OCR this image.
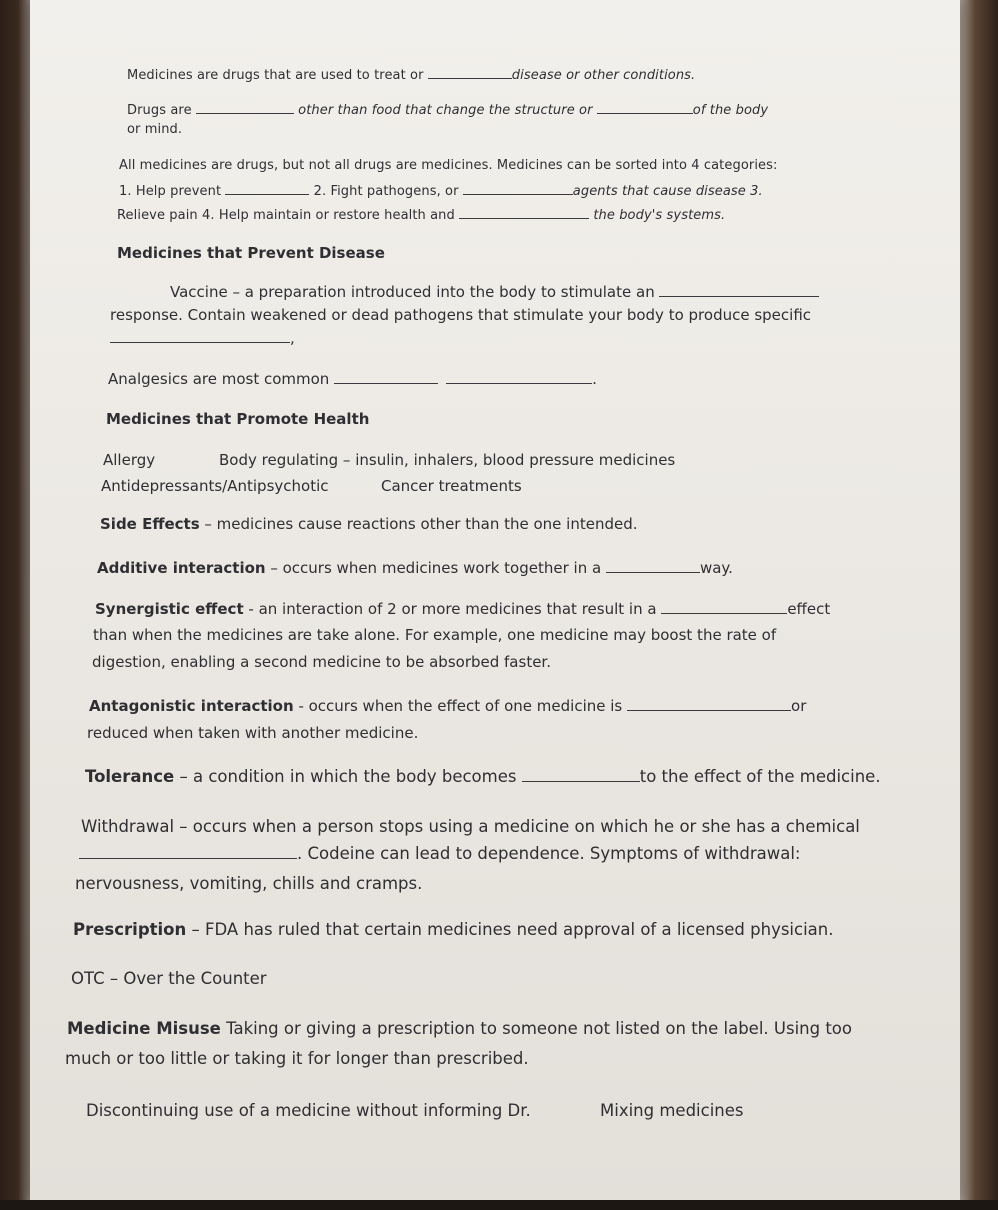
Medicines are drugs that are used to treat or	disease or other conditions.
Drugs are	other than food that change the structure or	of the body
or mind.
All medicines are drugs, but not all drugs are medicines. Medicines can be sorted into 4 categories:
1. Help prevent	2. Fight pathogens, or	agents that cause disease 3.
Relieve pain 4. Help maintain or restore health and	the body's systems.
Medicines that Prevent Disease
Vaccine – a preparation introduced into the body to stimulate an
response. Contain weakened or dead pathogens that stimulate your body to produce specific
,
Analgesics are most common	.
Medicines that Promote Health
Allergy	Body regulating – insulin, inhalers, blood pressure medicines
Antidepressants/Antipsychotic	Cancer treatments
Side Effects – medicines cause reactions other than the one intended.
Additive interaction – occurs when medicines work together in a	way.
Synergistic effect - an interaction of 2 or more medicines that result in a	effect
than when the medicines are take alone. For example, one medicine may boost the rate of
digestion, enabling a second medicine to be absorbed faster.
Antagonistic interaction - occurs when the effect of one medicine is	or
reduced when taken with another medicine.
Tolerance – a condition in which the body becomes	to the effect of the medicine.
Withdrawal – occurs when a person stops using a medicine on which he or she has a chemical
. Codeine can lead to dependence. Symptoms of withdrawal:
nervousness, vomiting, chills and cramps.
Prescription – FDA has ruled that certain medicines need approval of a licensed physician.
OTC – Over the Counter
Medicine Misuse Taking or giving a prescription to someone not listed on the label. Using too
much or too little or taking it for longer than prescribed.
Discontinuing use of a medicine without informing Dr.	Mixing medicines
